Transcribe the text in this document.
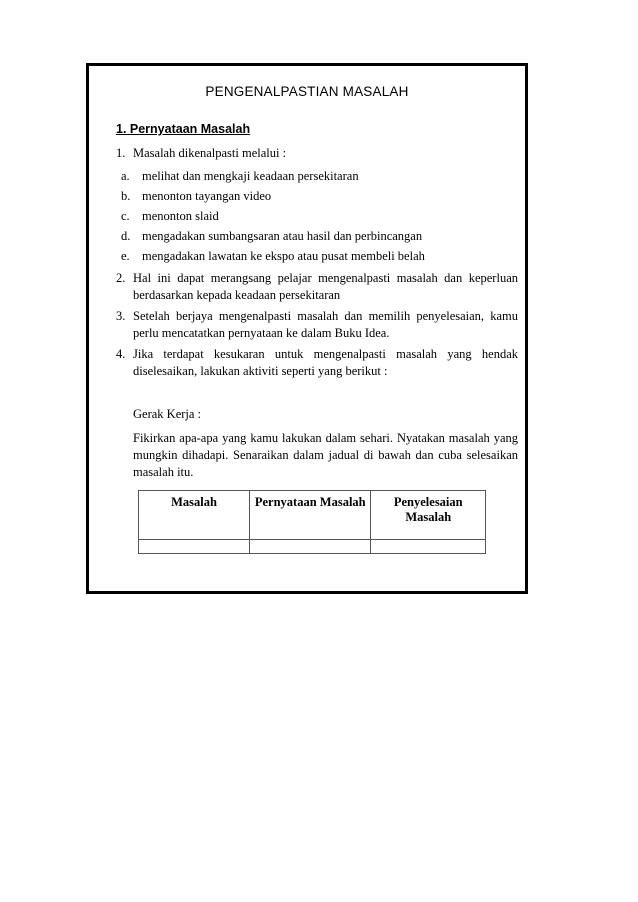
PENGENALPASTIAN MASALAH
1. Pernyataan Masalah
1. Masalah dikenalpasti melalui :
a. melihat dan mengkaji keadaan persekitaran
b. menonton tayangan video
c. menonton slaid
d. mengadakan sumbangsaran atau hasil dan perbincangan
e. mengadakan lawatan ke ekspo atau pusat membeli belah
2. Hal ini dapat merangsang pelajar mengenalpasti masalah dan keperluan berdasarkan kepada keadaan persekitaran
3. Setelah berjaya mengenalpasti masalah dan memilih penyelesaian, kamu perlu mencatatkan pernyataan ke dalam Buku Idea.
4. Jika terdapat kesukaran untuk mengenalpasti masalah yang hendak diselesaikan, lakukan aktiviti seperti yang berikut :
Gerak Kerja :
Fikirkan apa-apa yang kamu lakukan dalam sehari. Nyatakan masalah yang mungkin dihadapi. Senaraikan dalam jadual di bawah dan cuba selesaikan masalah itu.
Masalah	Pernyataan Masalah	Penyelesaian Masalah
